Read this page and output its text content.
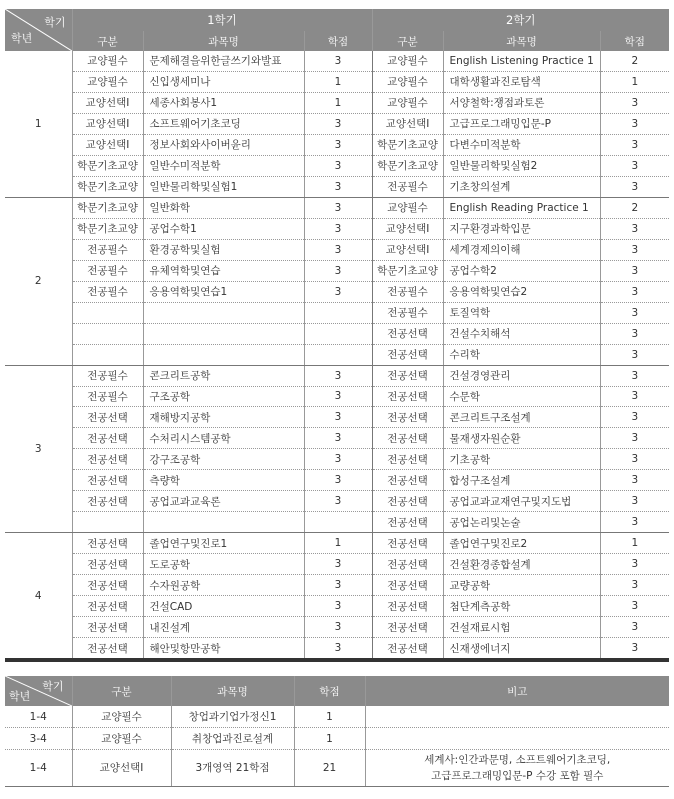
학기
학년	1학기			2학기		
	구분	과목명	학점	구분	과목명	학점
1	교양필수	문제해결을위한글쓰기와발표	3	교양필수	English Listening Practice 1	2
	교양필수	신입생세미나	1	교양필수	대학생활과진로탐색	1
	교양선택Ⅰ	세종사회봉사1	1	교양필수	서양철학:쟁점과토론	3
	교양선택Ⅰ	소프트웨어기초코딩	3	교양선택Ⅰ	고급프로그래밍입문-P	3
	교양선택Ⅰ	정보사회와사이버윤리	3	학문기초교양	다변수미적분학	3
	학문기초교양	일반수미적분학	3	학문기초교양	일반물리학및실험2	3
	학문기초교양	일반물리학및실험1	3	전공필수	기초창의설계	3
2	학문기초교양	일반화학	3	교양필수	English Reading Practice 1	2
	학문기초교양	공업수학1	3	교양선택Ⅰ	지구환경과학입문	3
	전공필수	환경공학및실험	3	교양선택Ⅰ	세계경제의이해	3
	전공필수	유체역학및연습	3	학문기초교양	공업수학2	3
	전공필수	응용역학및연습1	3	전공필수	응용역학및연습2	3
				전공필수	토질역학	3
				전공선택	건설수치해석	3
				전공선택	수리학	3
3	전공필수	콘크리트공학	3	전공선택	건설경영관리	3
	전공필수	구조공학	3	전공선택	수문학	3
	전공선택	재해방지공학	3	전공선택	콘크리트구조설계	3
	전공선택	수처리시스템공학	3	전공선택	물재생자원순환	3
	전공선택	강구조공학	3	전공선택	기초공학	3
	전공선택	측량학	3	전공선택	합성구조설계	3
	전공선택	공업교과교육론	3	전공선택	공업교과교재연구및지도법	3
				전공선택	공업논리및논술	3
4	전공선택	졸업연구및진로1	1	전공선택	졸업연구및진로2	1
	전공선택	도로공학	3	전공선택	건설환경종합설계	3
	전공선택	수자원공학	3	전공선택	교량공학	3
	전공선택	건설CAD	3	전공선택	첨단계측공학	3
	전공선택	내진설계	3	전공선택	건설재료시험	3
	전공선택	해안및항만공학	3	전공선택	신재생에너지	3
학기
학년	구분	과목명	학점	비고
1-4	교양필수	창업과기업가정신1	1	
3-4	교양필수	취창업과진로설계	1	
1-4	교양선택Ⅰ	3개영역 21학점	21	세계사:인간과문명, 소프트웨어기초코딩,
고급프로그래밍입문-P 수강 포함 필수
